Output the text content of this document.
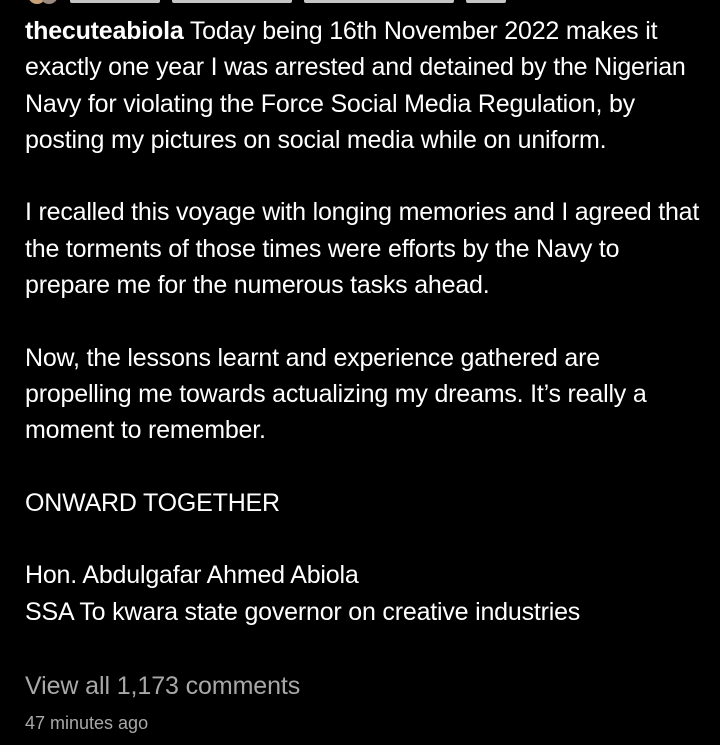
thecuteabiola Today being 16th November 2022 makes it exactly one year I was arrested and detained by the Nigerian Navy for violating the Force Social Media Regulation, by posting my pictures on social media while on uniform.

I recalled this voyage with longing memories and I agreed that the torments of those times were efforts by the Navy to prepare me for the numerous tasks ahead.

Now, the lessons learnt and experience gathered are propelling me towards actualizing my dreams. It’s really a moment to remember.

ONWARD TOGETHER

Hon. Abdulgafar Ahmed Abiola

SSA To kwara state governor on creative industries

View all 1,173 comments
47 minutes ago
